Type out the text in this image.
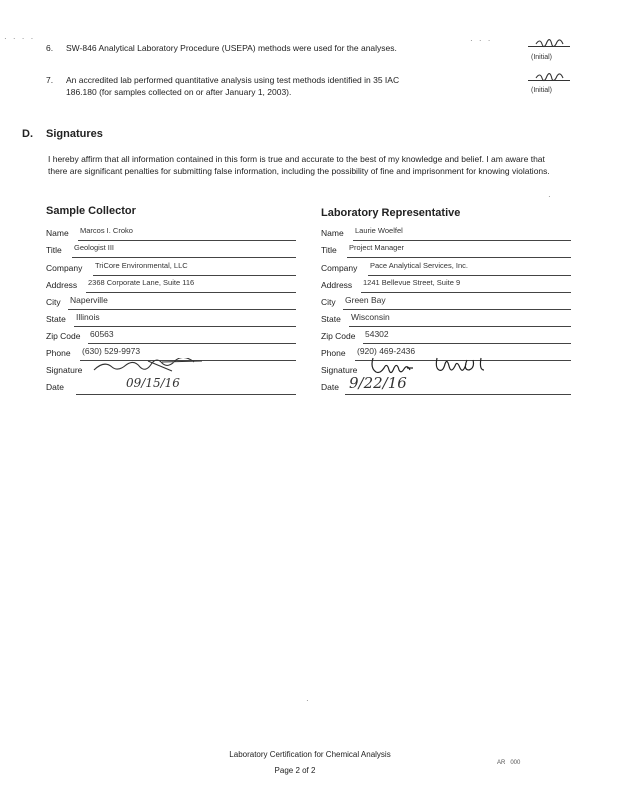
· · · ·	· · ·
6. SW-846 Analytical Laboratory Procedure (USEPA) methods were used for the analyses.
(Initial)
7. An accredited lab performed quantitative analysis using test methods identified in 35 IAC
186.180 (for samples collected on or after January 1, 2003).	(Initial)
D. Signatures
I hereby affirm that all information contained in this form is true and accurate to the best of my knowledge and belief. I am aware that there are significant penalties for submitting false information, including the possibility of fine and imprisonment for knowing violations.
Sample Collector
Name Marcos I. Croko
Title Geologist III
Company TriCore Environmental, LLC
Address 2368 Corporate Lane, Suite 116
City Naperville
State Illinois
Zip Code 60563
Phone (630) 529-9973
Signature
Date	09/15/16
Laboratory Representative
Name Laurie Woelfel
Title Project Manager
Company Pace Analytical Services, Inc.
Address 1241 Bellevue Street, Suite 9
City Green Bay
State Wisconsin
Zip Code 54302
Phone (920) 469-2436
Signature
Date 9/22/16
·
·
Laboratory Certification for Chemical Analysis
Page 2 of 2
AR   000
